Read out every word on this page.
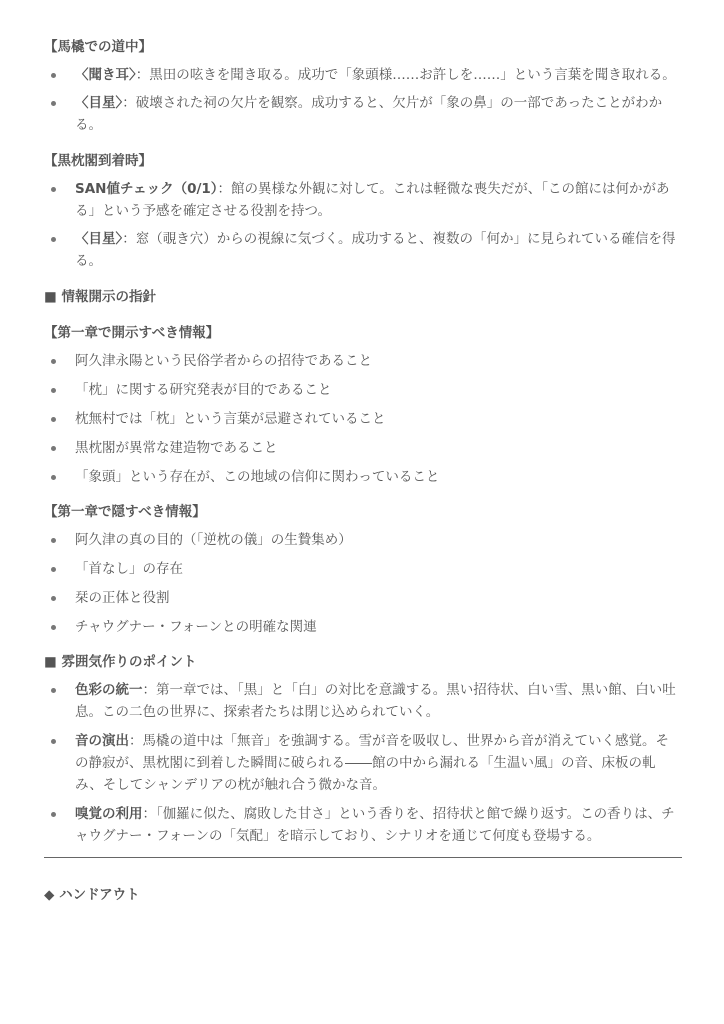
【馬橇での道中】

〈聞き耳〉：黒田の呟きを聞き取る。成功で「象頭様……お許しを……」という言葉を聞き取れる。
〈目星〉：破壊された祠の欠片を観察。成功すると、欠片が「象の鼻」の一部であったことがわかる。

【黒枕閣到着時】

SAN値チェック（0/1）：館の異様な外観に対して。これは軽微な喪失だが、「この館には何かがある」という予感を確定させる役割を持つ。
〈目星〉：窓（覗き穴）からの視線に気づく。成功すると、複数の「何か」に見られている確信を得る。

■ 情報開示の指針

【第一章で開示すべき情報】

阿久津永陽という民俗学者からの招待であること
「枕」に関する研究発表が目的であること
枕無村では「枕」という言葉が忌避されていること
黒枕閣が異常な建造物であること
「象頭」という存在が、この地域の信仰に関わっていること

【第一章で隠すべき情報】

阿久津の真の目的（「逆枕の儀」の生贄集め）
「首なし」の存在
栞の正体と役割
チャウグナー・フォーンとの明確な関連

■ 雰囲気作りのポイント

色彩の統一：第一章では、「黒」と「白」の対比を意識する。黒い招待状、白い雪、黒い館、白い吐息。この二色の世界に、探索者たちは閉じ込められていく。
音の演出：馬橇の道中は「無音」を強調する。雪が音を吸収し、世界から音が消えていく感覚。その静寂が、黒枕閣に到着した瞬間に破られる――館の中から漏れる「生温い風」の音、床板の軋み、そしてシャンデリアの枕が触れ合う微かな音。
嗅覚の利用：「伽羅に似た、腐敗した甘さ」という香りを、招待状と館で繰り返す。この香りは、チャウグナー・フォーンの「気配」を暗示しており、シナリオを通じて何度も登場する。

◆ ハンドアウト
